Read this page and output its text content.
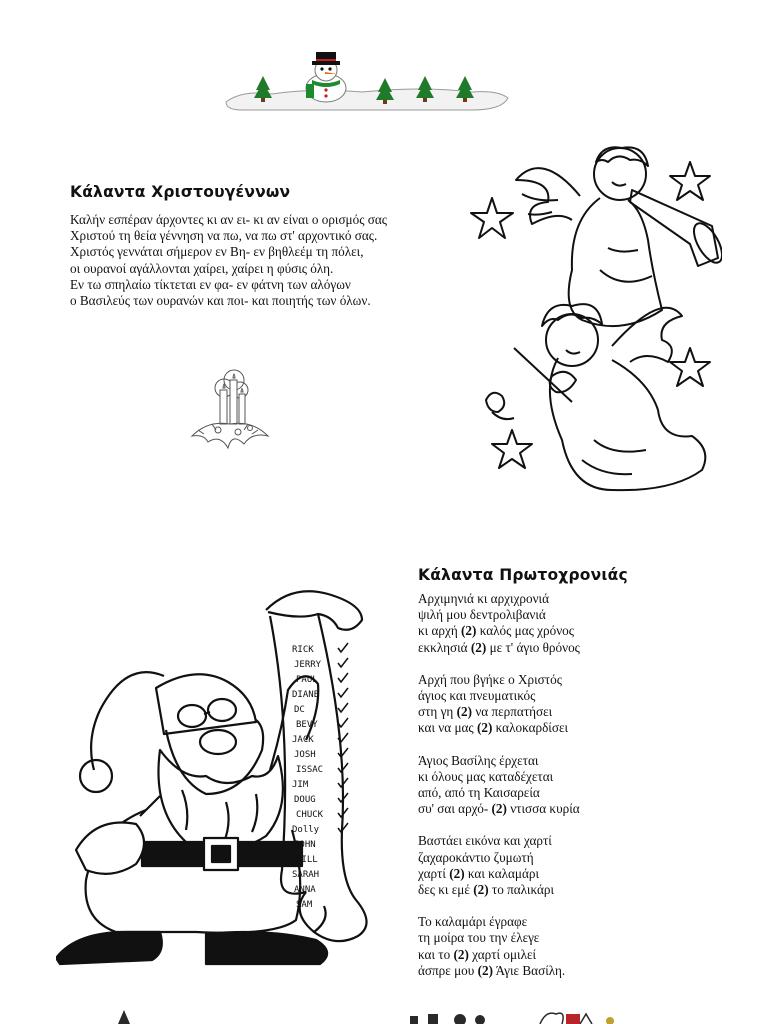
Κάλαντα Χριστουγέννων

Καλήν εσπέραν άρχοντες κι αν ει- κι αν είναι ο ορισμός σας

Χριστού τη θεία γέννηση να πω, να πω στ' αρχοντικό σας.

Χριστός γεννάται σήμερον εν Βη- εν βηθλεέμ τη πόλει,

οι ουρανοί αγάλλονται χαίρει, χαίρει η φύσις όλη.

Εν τω σπηλαίω τίκτεται εν φα- εν φάτνη των αλόγων

ο Βασιλεύς των ουρανών και ποι- και ποιητής των όλων.

Κάλαντα Πρωτοχρονιάς

Αρχιμηνιά κι αρχιχρονιά

ψιλή μου δεντρολιβανιά

κι αρχή (2) καλός μας χρόνος

εκκλησιά (2) με τ' άγιο θρόνος

Αρχή που βγήκε ο Χριστός

άγιος και πνευματικός

στη γη (2) να περπατήσει

και να μας (2) καλοκαρδίσει

Άγιος Βασίλης έρχεται

κι όλους μας καταδέχεται

από, από τη Καισαρεία

συ' σαι αρχό- (2) ντισσα κυρία

Βαστάει εικόνα και χαρτί

ζαχαροκάντιο ζυμωτή

χαρτί (2) και καλαμάρι

δες κι εμέ (2) το παλικάρι

Το καλαμάρι έγραφε

τη μοίρα του την έλεγε

και το (2) χαρτί ομιλεί

άσπρε μου (2) Άγιε Βασίλη.

RICK
JERRY
PAUL
DIANE
DC
BEVY
JACK
JOSH
ISSAC
JIM
DOUG
CHUCK
Dolly
JOHN
BILL
SARAH
ANNA
SAM
